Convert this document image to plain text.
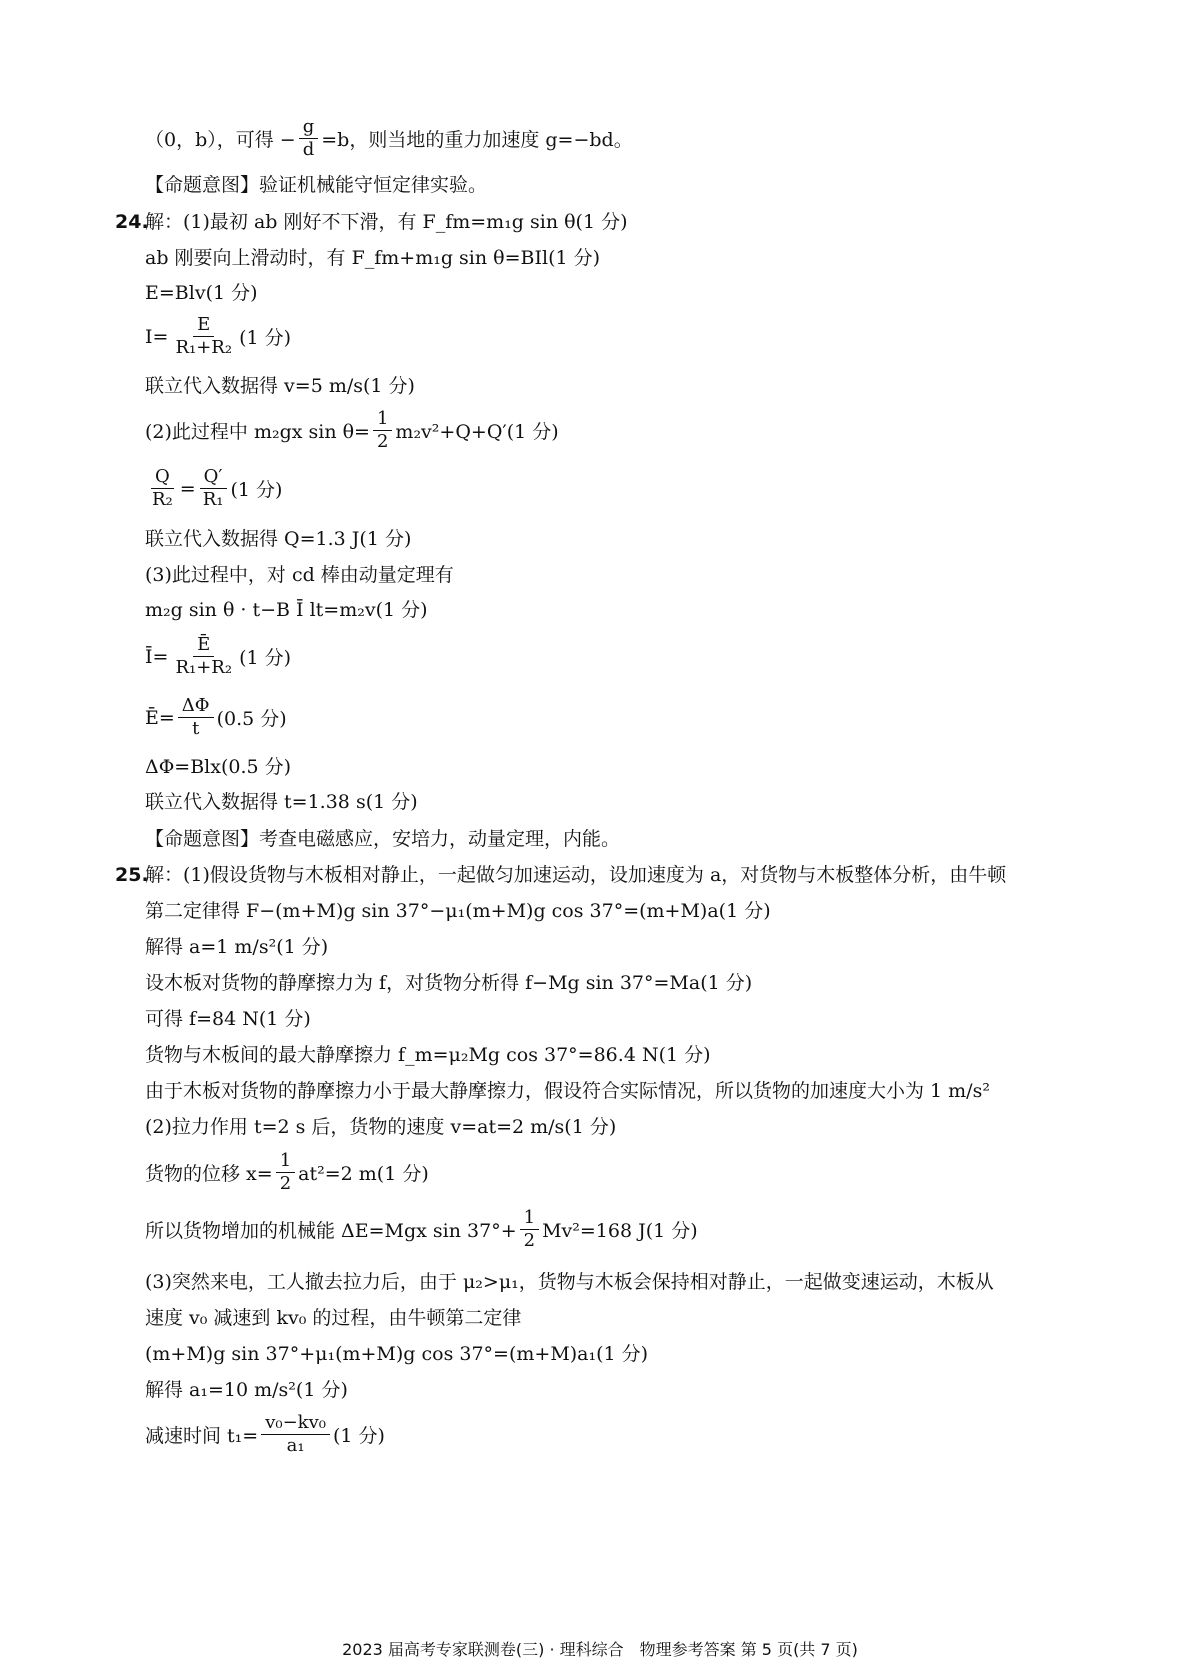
（0，b），可得 − $\frac{g}{d} =b$，则当地的重力加速度 g=−bd。
【命题意图】验证机械能守恒定律实验。
24.解：(1)最初 ab 刚好不下滑，有 F_fm=m₁g sin θ(1 分)
ab 刚要向上滑动时，有 F_fm+m₁g sin θ=BIl(1 分)
E=Blv(1 分)
$I= \frac{E}{\text{R₁+R₂}} (1$ 分)
联立代入数据得 v=5 m/s(1 分)
(2)此过程中 m₂gx $\sin \theta= \frac{1}{2} m_2v^2+Q+Q'(1$ 分)
$\frac{Q}{\text{R₂}} = \frac{Q'}{\text{R₁}} (1$ 分)
联立代入数据得 Q=1.3 J(1 分)
(3)此过程中，对 cd 棒由动量定理有
m₂g sin θ · t−B Ī lt=m₂v(1 分)
Ī= $\frac{Ē}{\text{R₁+R₂}} (1$ 分)
Ē= $\frac{\Delta\Phi}{t} (0.5$ 分)
ΔΦ=Blx(0.5 分)
联立代入数据得 t=1.38 s(1 分)
【命题意图】考查电磁感应，安培力，动量定理，内能。
25.解：(1)假设货物与木板相对静止，一起做匀加速运动，设加速度为 a，对货物与木板整体分析，由牛顿
第二定律得 F−(m+M)g sin 37°−μ₁(m+M)g cos 37°=(m+M)a(1 分)
解得 a=1 m/s²(1 分)
设木板对货物的静摩擦力为 f，对货物分析得 f−Mg sin 37°=Ma(1 分)
可得 f=84 N(1 分)
货物与木板间的最大静摩擦力 f_m=μ₂Mg cos 37°=86.4 N(1 分)
由于木板对货物的静摩擦力小于最大静摩擦力，假设符合实际情况，所以货物的加速度大小为 1 m/s²
(2)拉力作用 t=2 s 后，货物的速度 v=at=2 m/s(1 分)
货物的位移 $x= \frac{1}{2} at^2=2$ m(1 分)
所以货物增加的机械能 ΔE=Mgx $\sin 37^\circ+ \frac{1}{2} Mv^2=168$ J(1 分)
(3)突然来电，工人撤去拉力后，由于 μ₂>μ₁，货物与木板会保持相对静止，一起做变速运动，木板从
速度 v₀ 减速到 kv₀ 的过程，由牛顿第二定律
(m+M)g sin 37°+μ₁(m+M)g cos 37°=(m+M)a₁(1 分)
解得 a₁=10 m/s²(1 分)
减速时间 $t_1= \frac{\text{v₀−kv₀}}{\text{a₁}} (1$ 分)
2023 届高考专家联测卷(三) · 理科综合　物理参考答案 第 5 页(共 7 页)
